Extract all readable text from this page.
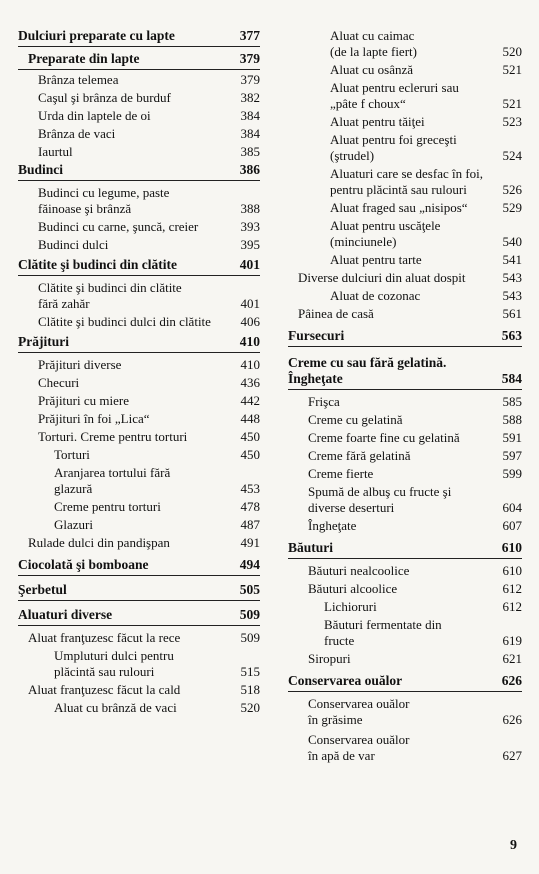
Dulciuri preparate cu lapte	377
Preparate din lapte	379
Brânza telemea	379
Caşul şi brânza de burduf	382
Urda din laptele de oi	384
Brânza de vaci	384
Iaurtul	385
Budinci	386
Budinci cu legume, paste
făinoase şi brânză	388
Budinci cu carne, şuncă, creier	393
Budinci dulci	395
Clătite şi budinci din clătite	401
Clătite şi budinci din clătite
fără zahăr	401
Clătite şi budinci dulci din clătite	406
Prăjituri	410
Prăjituri diverse	410
Checuri	436
Prăjituri cu miere	442
Prăjituri în foi „Lica“	448
Torturi. Creme pentru torturi	450
Torturi	450
Aranjarea tortului fără
glazură	453
Creme pentru torturi	478
Glazuri	487
Rulade dulci din pandişpan	491
Ciocolată şi bomboane	494
Şerbetul	505
Aluaturi diverse	509
Aluat franţuzesc făcut la rece	509
Umpluturi dulci pentru
plăcintă sau rulouri	515
Aluat franţuzesc făcut la cald	518
Aluat cu brânză de vaci	520
Aluat cu caimac
(de la lapte fiert)	520
Aluat cu osânză	521
Aluat pentru ecleruri sau
„pâte f choux“	521
Aluat pentru tăiţei	523
Aluat pentru foi greceşti
(ştrudel)	524
Aluaturi care se desfac în foi,
pentru plăcintă sau rulouri	526
Aluat fraged sau „nisipos“	529
Aluat pentru uscăţele
(minciunele)	540
Aluat pentru tarte	541
Diverse dulciuri din aluat dospit	543
Aluat de cozonac	543
Pâinea de casă	561
Fursecuri	563
Creme cu sau fără gelatină.
Îngheţate	584
Frişca	585
Creme cu gelatină	588
Creme foarte fine cu gelatină	591
Creme fără gelatină	597
Creme fierte	599
Spumă de albuş cu fructe şi
diverse deserturi	604
Îngheţate	607
Băuturi	610
Băuturi nealcoolice	610
Băuturi alcoolice	612
Lichioruri	612
Băuturi fermentate din
fructe	619
Siropuri	621
Conservarea ouălor	626
Conservarea ouălor
în grăsime	626
Conservarea ouălor
în apă de var	627
9
